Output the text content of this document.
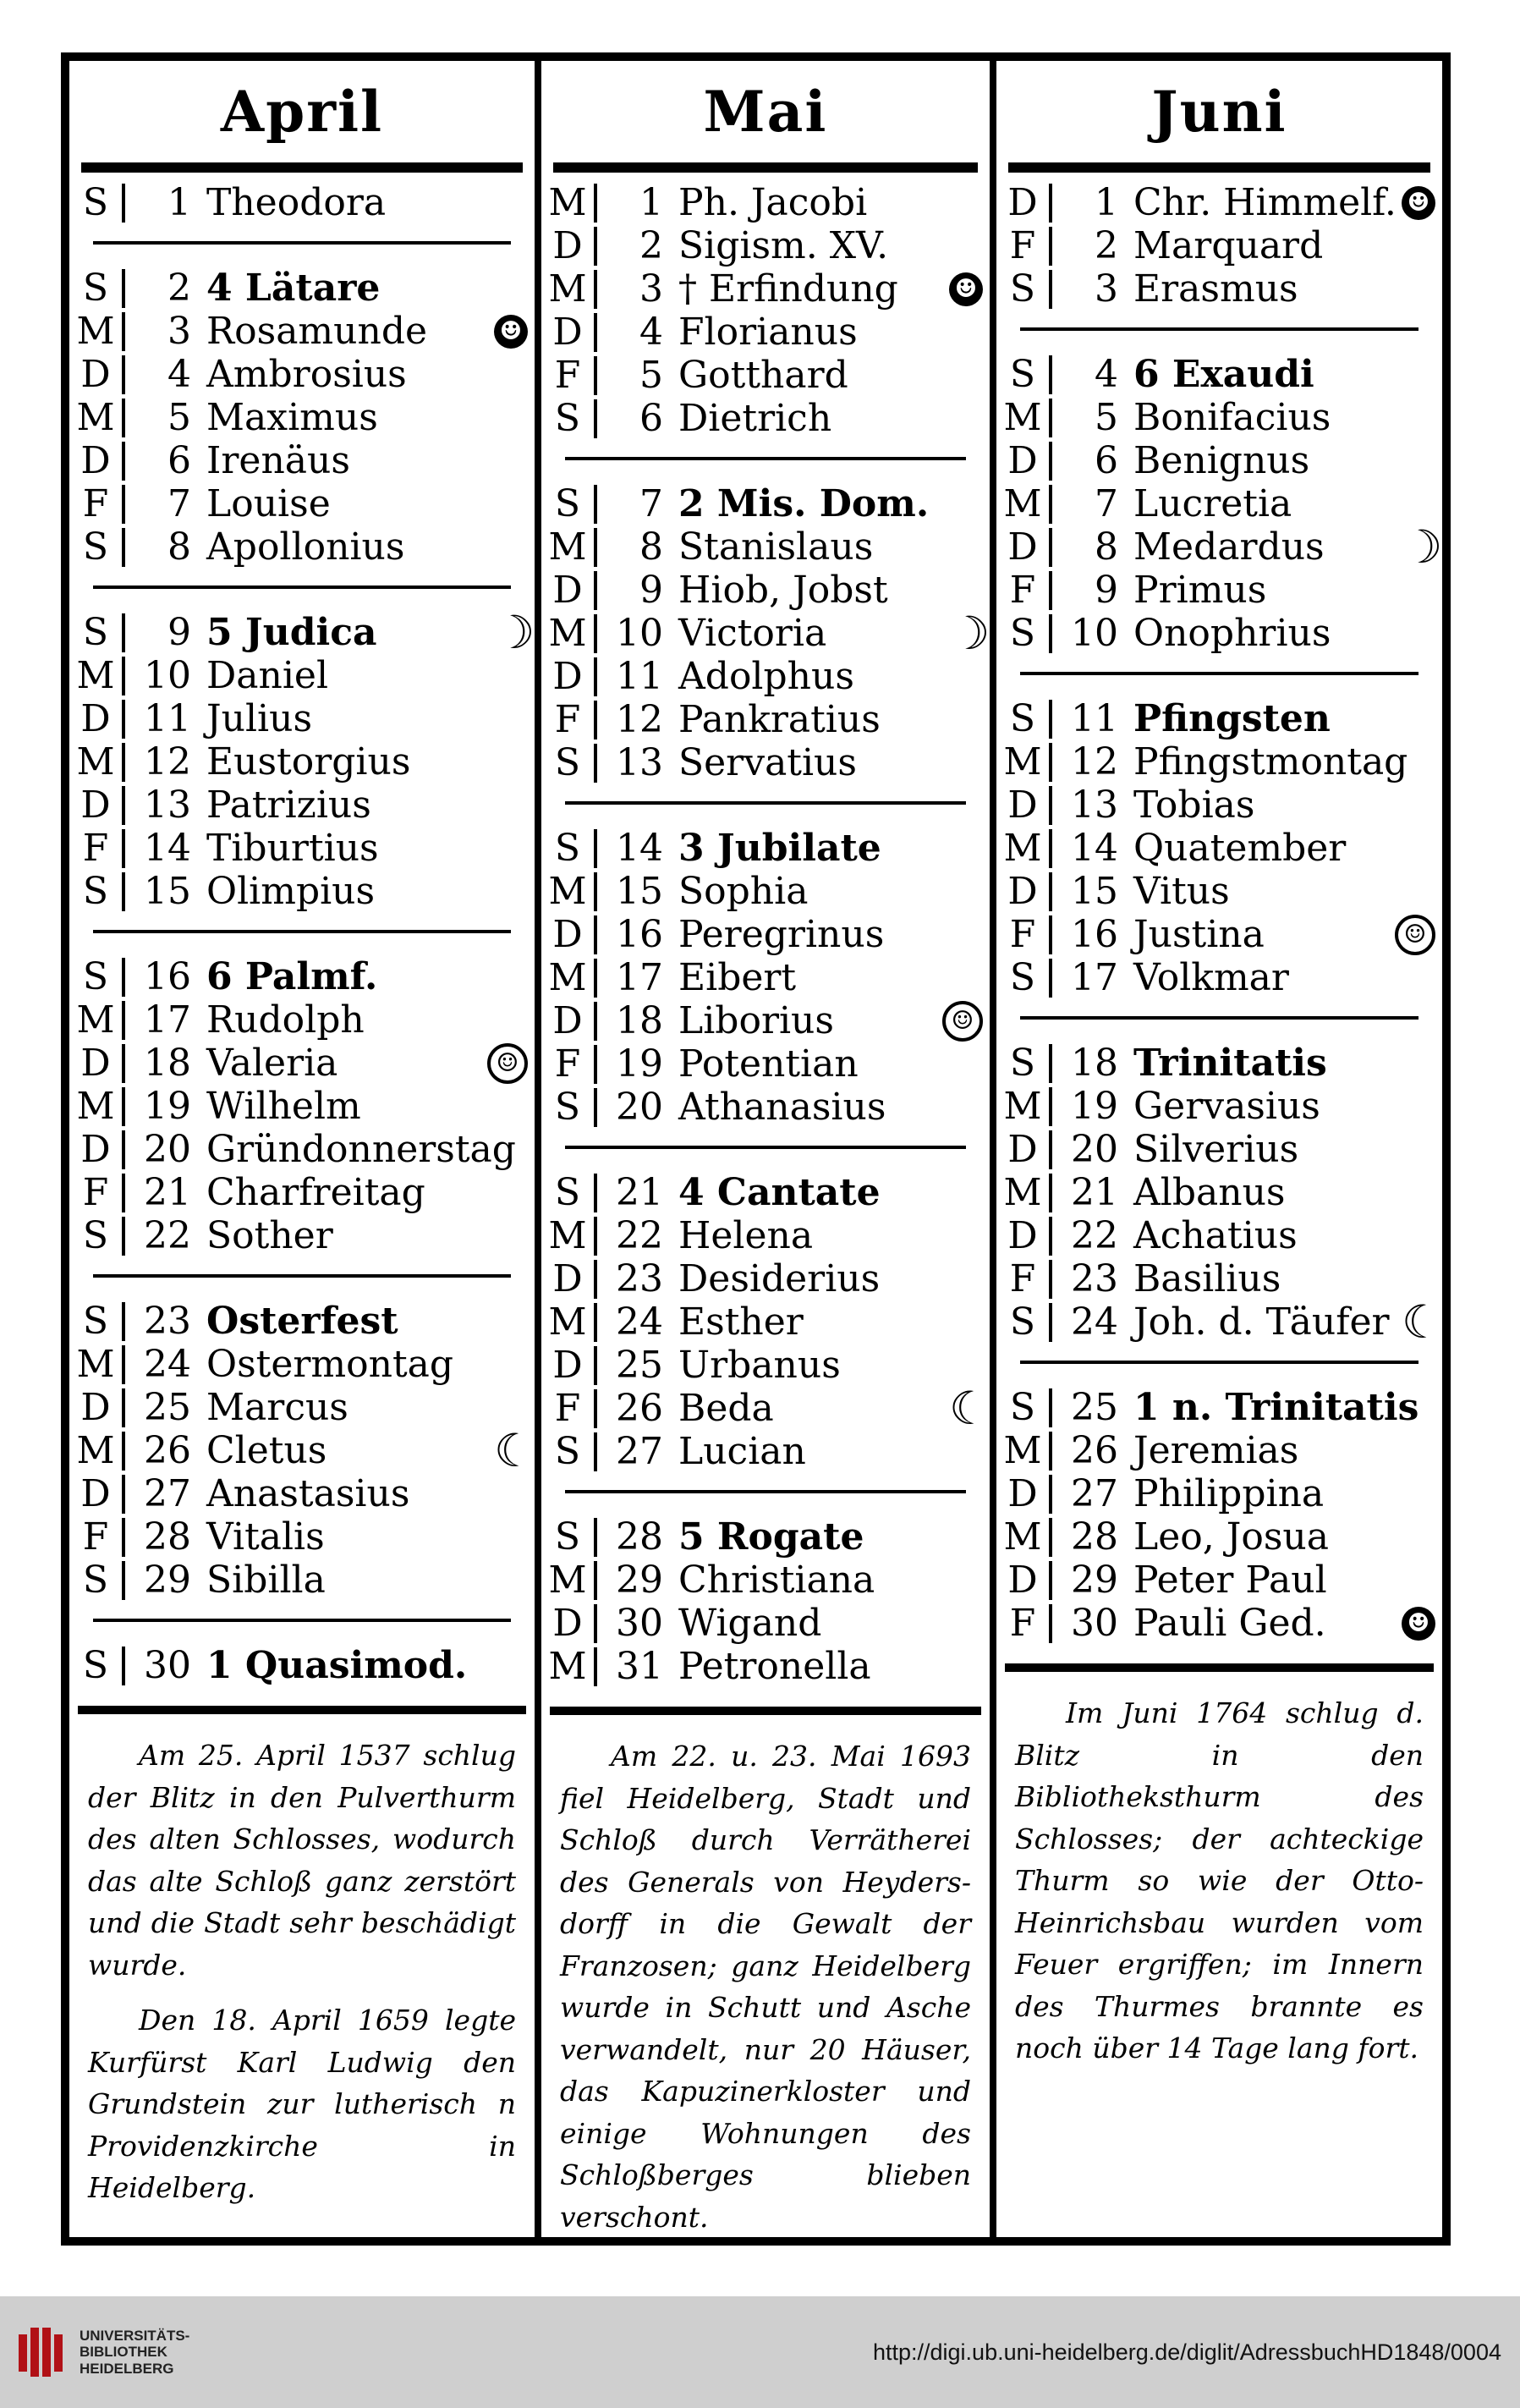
April
S	1 Theodora
S	2 4 Lätare
M	3 Rosamunde	☻
D	4 Ambrosius
M	5 Maximus
D	6 Irenäus
F	7 Louise
S	8 Apollonius
S	9 5 Judica	☽
M 10 Daniel
D 11 Julius
M 12 Eustorgius
D 13 Patrizius
F 14 Tiburtius
S 15 Olimpius
S 16 6 Palmf.
M 17 Rudolph
D 18 Valeria	☺
M 19 Wilhelm
D 20 Gründonnerstag
F 21 Charfreitag
S 22 Sother
S 23 Osterfest
M 24 Ostermontag
D 25 Marcus
M 26 Cletus	☾
D 27 Anastasius
F 28 Vitalis
S 29 Sibilla
S 30 1 Quasimod.

Am 25. April 1537 schlug der Blitz in den Pulverthurm des alten Schlosses, wodurch das alte Schloß ganz zerstört und die Stadt sehr beschädigt wurde.

Den 18. April 1659 legte Kurfürst Karl Ludwig den Grundstein zur lutherisch n Providenzkirche in Heidelberg.

Mai
M	1 Ph. Jacobi
D	2 Sigism. XV.
M	3 † Erfindung	☻
D	4 Florianus
F	5 Gotthard
S	6 Dietrich
S	7 2 Mis. Dom.
M	8 Stanislaus
D	9 Hiob, Jobst
M 10 Victoria	☽
D 11 Adolphus
F 12 Pankratius
S 13 Servatius
S 14 3 Jubilate
M 15 Sophia
D 16 Peregrinus
M 17 Eibert
D 18 Liborius	☺
F 19 Potentian
S 20 Athanasius
S 21 4 Cantate
M 22 Helena
D 23 Desiderius
M 24 Esther
D 25 Urbanus
F 26 Beda	☾
S 27 Lucian
S 28 5 Rogate
M 29 Christiana
D 30 Wigand
M 31 Petronella

Am 22. u. 23. Mai 1693 fiel Heidelberg, Stadt und Schloß durch Verrätherei des Generals von Heyders-dorff in die Gewalt der Franzosen; ganz Heidelberg wurde in Schutt und Asche verwandelt, nur 20 Häuser, das Kapuzinerkloster und einige Wohnungen des Schloßberges blieben verschont.

Juni
D	1 Chr. Himmelf. ☻
F	2 Marquard
S	3 Erasmus
S	4 6 Exaudi
M	5 Bonifacius
D	6 Benignus
M	7 Lucretia
D	8 Medardus	☽
F	9 Primus
S 10 Onophrius
S 11 Pfingsten
M 12 Pfingstmontag
D 13 Tobias
M 14 Quatember
D 15 Vitus
F 16 Justina	☺
S 17 Volkmar
S 18 Trinitatis
M 19 Gervasius
D 20 Silverius
M 21 Albanus
D 22 Achatius
F 23 Basilius
S 24 Joh. d. Täufer ☾
S 25 1 n. Trinitatis
M 26 Jeremias
D 27 Philippina
M 28 Leo, Josua
D 29 Peter Paul
F 30 Pauli Ged.	☻

Im Juni 1764 schlug d. Blitz in den Bibliotheksthurm des Schlosses; der achteckige Thurm so wie der Otto-Heinrichsbau wurden vom Feuer ergriffen; im Innern des Thurmes brannte es noch über 14 Tage lang fort.

UNIVERSITÄTS-
BIBLIOTHEK
HEIDELBERG
http://digi.ub.uni-heidelberg.de/diglit/AdressbuchHD1848/0004
